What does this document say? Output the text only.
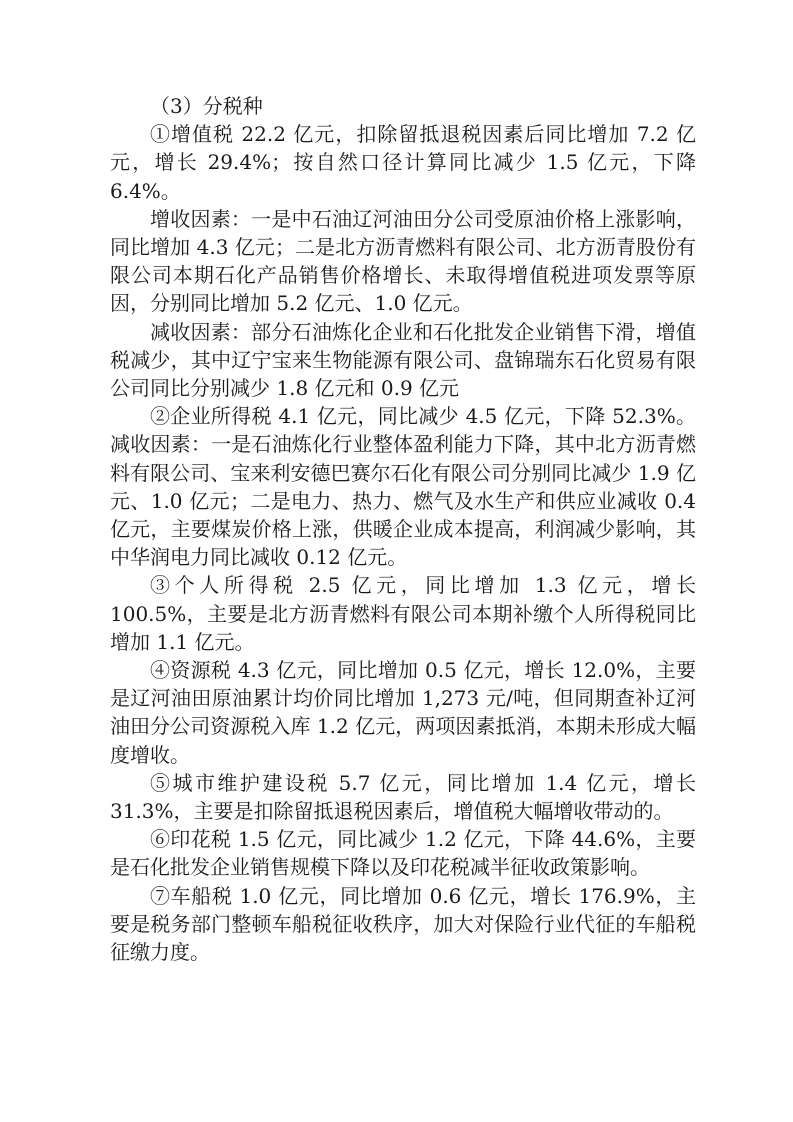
（3）分税种

①增值税 22.2 亿元，扣除留抵退税因素后同比增加 7.2 亿元，增长 29.4%；按自然口径计算同比减少 1.5 亿元，下降 6.4%。

增收因素：一是中石油辽河油田分公司受原油价格上涨影响，同比增加 4.3 亿元；二是北方沥青燃料有限公司、北方沥青股份有限公司本期石化产品销售价格增长、未取得增值税进项发票等原因，分别同比增加 5.2 亿元、1.0 亿元。

减收因素：部分石油炼化企业和石化批发企业销售下滑，增值税减少，其中辽宁宝来生物能源有限公司、盘锦瑞东石化贸易有限公司同比分别减少 1.8 亿元和 0.9 亿元

②企业所得税 4.1 亿元，同比减少 4.5 亿元，下降 52.3%。减收因素：一是石油炼化行业整体盈利能力下降，其中北方沥青燃料有限公司、宝来利安德巴赛尔石化有限公司分别同比减少 1.9 亿元、1.0 亿元；二是电力、热力、燃气及水生产和供应业减收 0.4 亿元，主要煤炭价格上涨，供暖企业成本提高，利润减少影响，其中华润电力同比减收 0.12 亿元。

③个人所得税 2.5 亿元，同比增加 1.3 亿元，增长 100.5%，主要是北方沥青燃料有限公司本期补缴个人所得税同比增加 1.1 亿元。

④资源税 4.3 亿元，同比增加 0.5 亿元，增长 12.0%，主要是辽河油田原油累计均价同比增加 1,273 元/吨，但同期查补辽河油田分公司资源税入库 1.2 亿元，两项因素抵消，本期未形成大幅度增收。

⑤城市维护建设税 5.7 亿元，同比增加 1.4 亿元，增长 31.3%，主要是扣除留抵退税因素后，增值税大幅增收带动的。

⑥印花税 1.5 亿元，同比减少 1.2 亿元，下降 44.6%，主要是石化批发企业销售规模下降以及印花税减半征收政策影响。

⑦车船税 1.0 亿元，同比增加 0.6 亿元，增长 176.9%，主要是税务部门整顿车船税征收秩序，加大对保险行业代征的车船税征缴力度。
